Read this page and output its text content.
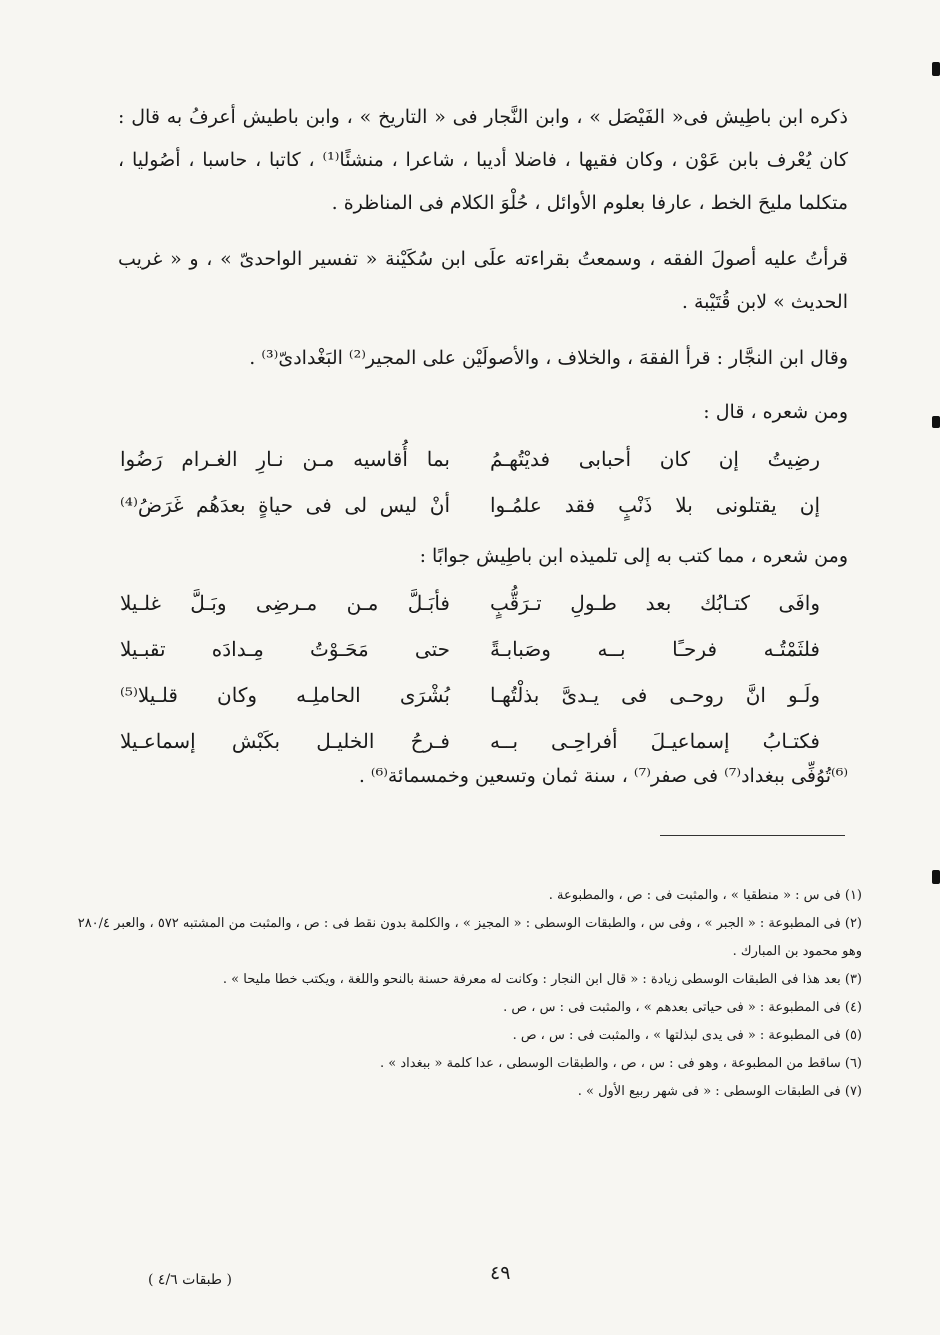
ذكره ابن باطِيش فى« الفَيْصَل » ، وابن النَّجار فى « التاريخ » ، وابن باطيش أعرفُ به قال : كان يُعْرف بابن عَوْن ، وكان فقيها ، فاضلا أديبا ، شاعرا ، منشئًا⁽¹⁾ ، كاتبا ، حاسبا ، أصُوليا ، متكلما مليحَ الخط ، عارفا بعلوم الأوائل ، حُلْوَ الكلام فى المناظرة .

قرأتُ عليه أصولَ الفقه ، وسمعتُ بقراءته علَى ابن سُكَيْنة « تفسير الواحدىّ » ، و « غريب الحديث » لابن قُتَيْبة .

وقال ابن النجَّار : قرأ الفقهَ ، والخلاف ، والأصولَيْن على المجير⁽²⁾ البَغْدادىّ⁽³⁾ .

ومن شعره ، قال :

رضِيتُ إن كان أحبابى فديْتُهـمُ
بما أُقاسيه مـن نـارِ الغـرام رَضُوا
إن يقتلونى بلا ذَنْبٍ فقد علمُـوا
أنْ ليس لى فى حياةٍ بعدَهُم غَرَضُ⁽⁴⁾

ومن شعره ، مما كتب به إلى تلميذه ابن باطِيش جوابًا :

وافَى كتـابُك بعد طـولِ تـرَقُّبٍ
فأبَـلَّ مـن مـرضِى وبَـلَّ غلـيلا
فلثَمْتُـه فرحـًا بــه وصَبابـةً
حتى مَحَـوْتُ مِـدادَه تقبـيلا
ولَـو انَّ روحـى فى يـدىَّ بذلْتُهـا
بُشْرَى الحاملِـه وكان قلـيلا⁽⁵⁾
فكتـابُ إسماعيـلَ أفراحِـى بــه
فـرحُ الخليـل بكَبْش إسماعـيلا

⁽⁶⁾تُوُفِّى ببغداد⁽⁷⁾ فى صفر⁽⁷⁾ ، سنة ثمان وتسعين وخمسمائة⁽⁶⁾ .

(١) فى س : « منطقيا » ، والمثبت فى : ص ، والمطبوعة .

(٢) فى المطبوعة : « الجبر » ، وفى س ، والطبقات الوسطى : « المجيز » ، والكلمة بدون نقط فى : ص ، والمثبت من المشتبه ٥٧٢ ، والعبر ٢٨٠/٤ وهو محمود بن المبارك .

(٣) بعد هذا فى الطبقات الوسطى زيادة : « قال ابن النجار : وكانت له معرفة حسنة بالنحو واللغة ، ويكتب خطا مليحا » .

(٤) فى المطبوعة : « فى حياتى بعدهم » ، والمثبت فى : س ، ص .

(٥) فى المطبوعة : « فى يدى لبذلتها » ، والمثبت فى : س ، ص .

(٦) ساقط من المطبوعة ، وهو فى : س ، ص ، والطبقات الوسطى ، عدا كلمة « ببغداد » .

(٧) فى الطبقات الوسطى : « فى شهر ربيع الأول » .

٤٩
( طبقات ٤/٦ )
